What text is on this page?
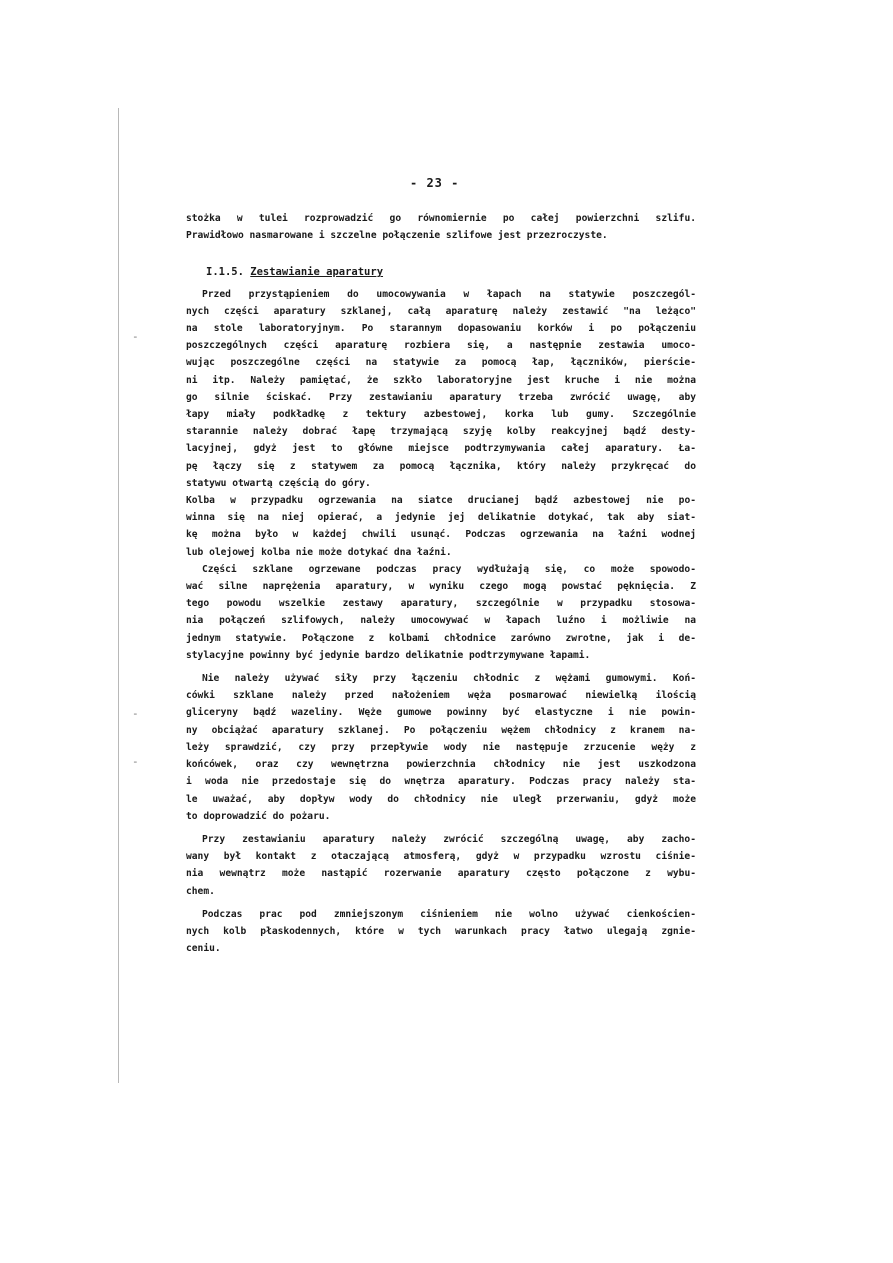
-
-
-
- 23 -
stożka w tulei rozprowadzić go równomiernie po całej powierzchni szlifu.
Prawidłowo nasmarowane i szczelne połączenie szlifowe jest przezroczyste.
I.1.5. Zestawianie aparatury
Przed przystąpieniem do umocowywania w łapach na statywie poszczegól-
nych części aparatury szklanej, całą aparaturę należy zestawić "na leżąco"
na stole laboratoryjnym. Po starannym dopasowaniu korków i po połączeniu
poszczególnych części aparaturę rozbiera się, a następnie zestawia umoco-
wując poszczególne części na statywie za pomocą łap, łączników, pierście-
ni itp. Należy pamiętać, że szkło laboratoryjne jest kruche i nie można
go silnie ściskać. Przy zestawianiu aparatury trzeba zwrócić uwagę, aby
łapy miały podkładkę z tektury azbestowej, korka lub gumy. Szczególnie
starannie należy dobrać łapę trzymającą szyję kolby reakcyjnej bądź desty-
lacyjnej, gdyż jest to główne miejsce podtrzymywania całej aparatury. Ła-
pę łączy się z statywem za pomocą łącznika, który należy przykręcać do
statywu otwartą częścią do góry.
Kolba w przypadku ogrzewania na siatce drucianej bądź azbestowej nie po-
winna się na niej opierać, a jedynie jej delikatnie dotykać, tak aby siat-
kę można było w każdej chwili usunąć. Podczas ogrzewania na łaźni wodnej
lub olejowej kolba nie może dotykać dna łaźni.
Części szklane ogrzewane podczas pracy wydłużają się, co może spowodo-
wać silne naprężenia aparatury, w wyniku czego mogą powstać pęknięcia. Z
tego powodu wszelkie zestawy aparatury, szczególnie w przypadku stosowa-
nia połączeń szlifowych, należy umocowywać w łapach luźno i możliwie na
jednym statywie. Połączone z kolbami chłodnice zarówno zwrotne, jak i de-
stylacyjne powinny być jedynie bardzo delikatnie podtrzymywane łapami.
Nie należy używać siły przy łączeniu chłodnic z wężami gumowymi. Koń-
cówki szklane należy przed nałożeniem węża posmarować niewielką ilością
gliceryny bądź wazeliny. Węże gumowe powinny być elastyczne i nie powin-
ny obciążać aparatury szklanej. Po połączeniu wężem chłodnicy z kranem na-
leży sprawdzić, czy przy przepływie wody nie następuje zrzucenie węży z
końcówek, oraz czy wewnętrzna powierzchnia chłodnicy nie jest uszkodzona
i woda nie przedostaje się do wnętrza aparatury. Podczas pracy należy sta-
le uważać, aby dopływ wody do chłodnicy nie uległ przerwaniu, gdyż może
to doprowadzić do pożaru.
Przy zestawianiu aparatury należy zwrócić szczególną uwagę, aby zacho-
wany był kontakt z otaczającą atmosferą, gdyż w przypadku wzrostu ciśnie-
nia wewnątrz może nastąpić rozerwanie aparatury często połączone z wybu-
chem.
Podczas prac pod zmniejszonym ciśnieniem nie wolno używać cienkościen-
nych kolb płaskodennych, które w tych warunkach pracy łatwo ulegają zgnie-
ceniu.
